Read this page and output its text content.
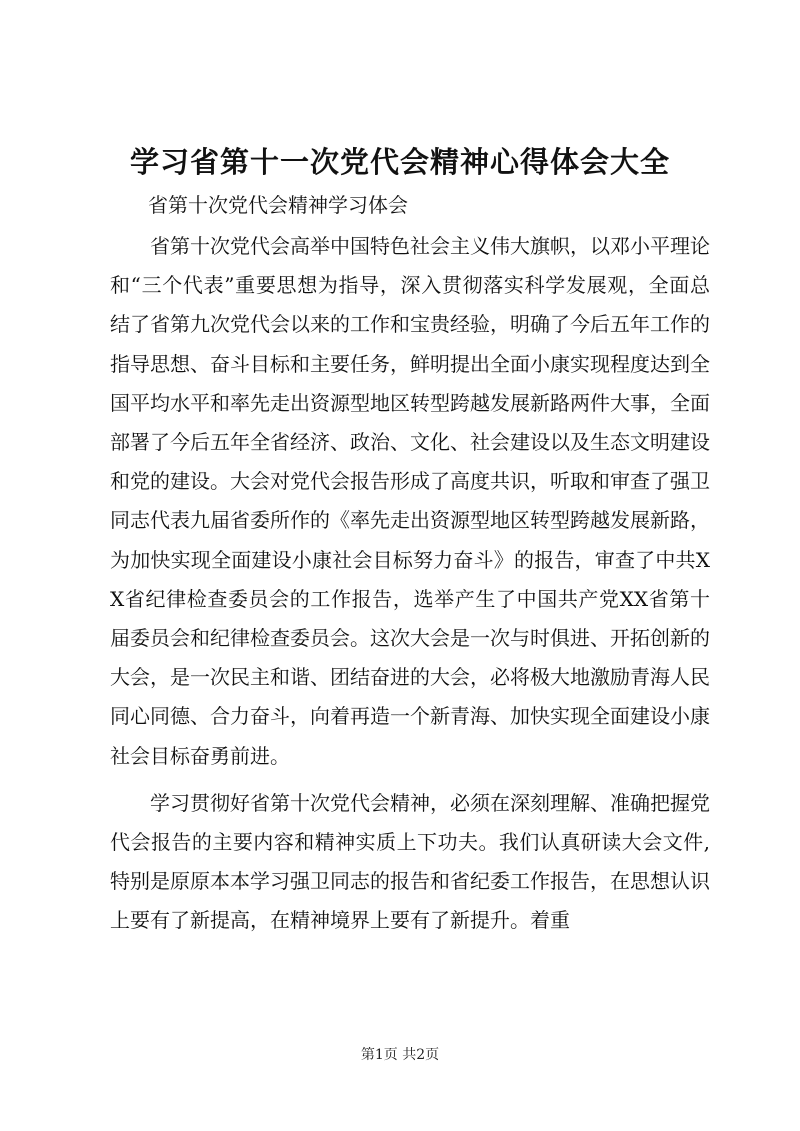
学习省第十一次党代会精神心得体会大全
省第十次党代会精神学习体会

省第十次党代会高举中国特色社会主义伟大旗帜，以邓小平理论和“三个代表”重要思想为指导，深入贯彻落实科学发展观，全面总结了省第九次党代会以来的工作和宝贵经验，明确了今后五年工作的指导思想、奋斗目标和主要任务，鲜明提出全面小康实现程度达到全国平均水平和率先走出资源型地区转型跨越发展新路两件大事，全面部署了今后五年全省经济、政治、文化、社会建设以及生态文明建设和党的建设。大会对党代会报告形成了高度共识，听取和审查了强卫同志代表九届省委所作的《率先走出资源型地区转型跨越发展新路，为加快实现全面建设小康社会目标努力奋斗》的报告，审查了中共XX省纪律检查委员会的工作报告，选举产生了中国共产党XX省第十届委员会和纪律检查委员会。这次大会是一次与时俱进、开拓创新的大会，是一次民主和谐、团结奋进的大会，必将极大地激励青海人民同心同德、合力奋斗，向着再造一个新青海、加快实现全面建设小康社会目标奋勇前进。

学习贯彻好省第十次党代会精神，必须在深刻理解、准确把握党代会报告的主要内容和精神实质上下功夫。我们认真研读大会文件,特别是原原本本学习强卫同志的报告和省纪委工作报告，在思想认识上要有了新提高，在精神境界上要有了新提升。着重

第1页 共2页
